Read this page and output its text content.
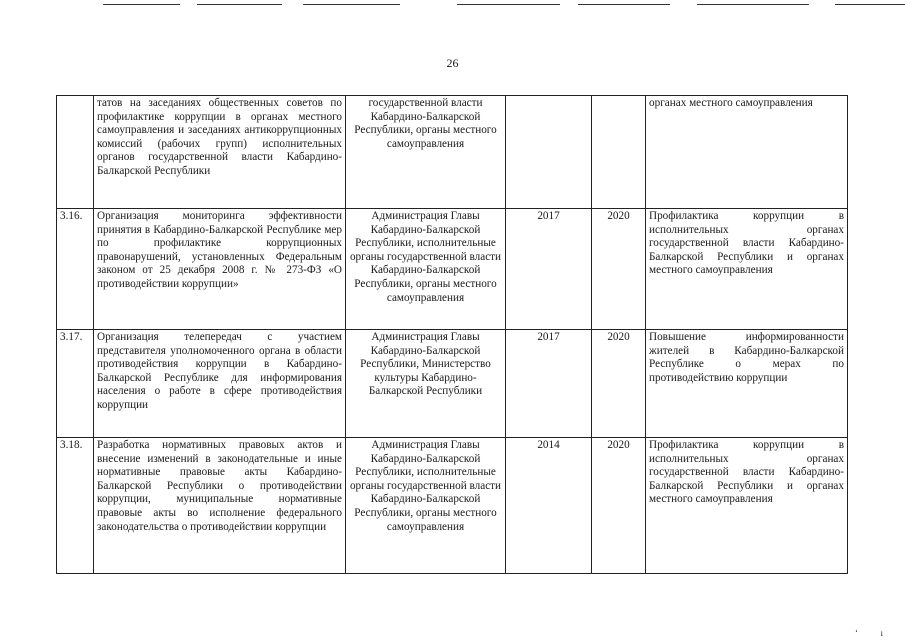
26
	татов на заседаниях общественных советов по профилактике коррупции в органах местного самоуправления и заседаниях антикоррупционных комиссий (рабочих групп) исполнительных органов государственной власти Кабардино-Балкарской Республики	государственной власти Кабардино-Балкарской Республики, органы местного самоуправления			органах местного самоуправления
3.16.	Организация мониторинга эффективности принятия в Кабардино-Балкарской Республике мер по профилактике коррупционных правонарушений, установленных Федеральным законом от 25 декабря 2008 г. № 273-ФЗ «О противодействии коррупции»	Администрация Главы Кабардино-Балкарской Республики, исполнительные органы государственной власти Кабардино-Балкарской Республики, органы местного самоуправления	2017	2020	Профилактика коррупции в исполнительных органах государственной власти Кабардино-Балкарской Республики и органах местного самоуправления
3.17.	Организация телепередач с участием представителя уполномоченного органа в области противодействия коррупции в Кабардино-Балкарской Республике для информирования населения о работе в сфере противодействия коррупции	Администрация Главы Кабардино-Балкарской Республики, Министерство культуры Кабардино-Балкарской Республики	2017	2020	Повышение информированности жителей в Кабардино-Балкарской Республике о мерах по противодействию коррупции
3.18.	Разработка нормативных правовых актов и внесение изменений в законодательные и иные нормативные правовые акты Кабардино-Балкарской Республики о противодействии коррупции, муниципальные нормативные правовые акты во исполнение федерального законодательства о противодействии коррупции	Администрация Главы Кабардино-Балкарской Республики, исполнительные органы государственной власти Кабардино-Балкарской Республики, органы местного самоуправления	2014	2020	Профилактика коррупции в исполнительных органах государственной власти Кабардино-Балкарской Республики и органах местного самоуправления
‘          ı
